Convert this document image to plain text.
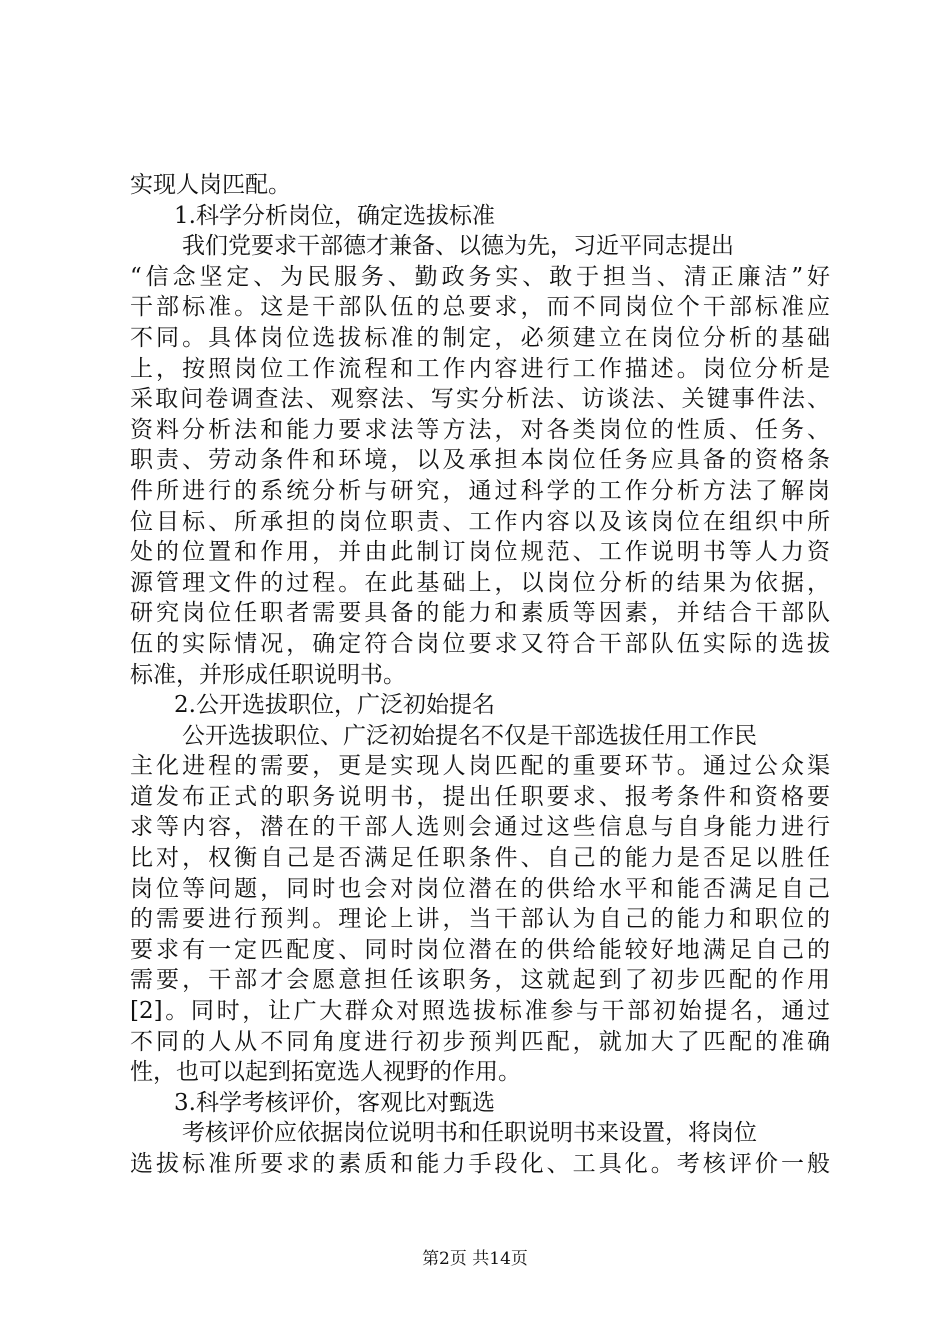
实现人岗匹配。
1.科学分析岗位，确定选拔标准
我们党要求干部德才兼备、以德为先，习近平同志提出
“信念坚定、为民服务、勤政务实、敢于担当、清正廉洁”好
干部标准。这是干部队伍的总要求，而不同岗位个干部标准应
不同。具体岗位选拔标准的制定，必须建立在岗位分析的基础
上，按照岗位工作流程和工作内容进行工作描述。岗位分析是
采取问卷调查法、观察法、写实分析法、访谈法、关键事件法、
资料分析法和能力要求法等方法，对各类岗位的性质、任务、
职责、劳动条件和环境，以及承担本岗位任务应具备的资格条
件所进行的系统分析与研究，通过科学的工作分析方法了解岗
位目标、所承担的岗位职责、工作内容以及该岗位在组织中所
处的位置和作用，并由此制订岗位规范、工作说明书等人力资
源管理文件的过程。在此基础上，以岗位分析的结果为依据，
研究岗位任职者需要具备的能力和素质等因素，并结合干部队
伍的实际情况，确定符合岗位要求又符合干部队伍实际的选拔
标准，并形成任职说明书。
2.公开选拔职位，广泛初始提名
公开选拔职位、广泛初始提名不仅是干部选拔任用工作民
主化进程的需要，更是实现人岗匹配的重要环节。通过公众渠
道发布正式的职务说明书，提出任职要求、报考条件和资格要
求等内容，潜在的干部人选则会通过这些信息与自身能力进行
比对，权衡自己是否满足任职条件、自己的能力是否足以胜任
岗位等问题，同时也会对岗位潜在的供给水平和能否满足自己
的需要进行预判。理论上讲，当干部认为自己的能力和职位的
要求有一定匹配度、同时岗位潜在的供给能较好地满足自己的
需要，干部才会愿意担任该职务，这就起到了初步匹配的作用
[2]。同时，让广大群众对照选拔标准参与干部初始提名，通过
不同的人从不同角度进行初步预判匹配，就加大了匹配的准确
性，也可以起到拓宽选人视野的作用。
3.科学考核评价，客观比对甄选
考核评价应依据岗位说明书和任职说明书来设置，将岗位
选拔标准所要求的素质和能力手段化、工具化。考核评价一般
第2页 共14页
